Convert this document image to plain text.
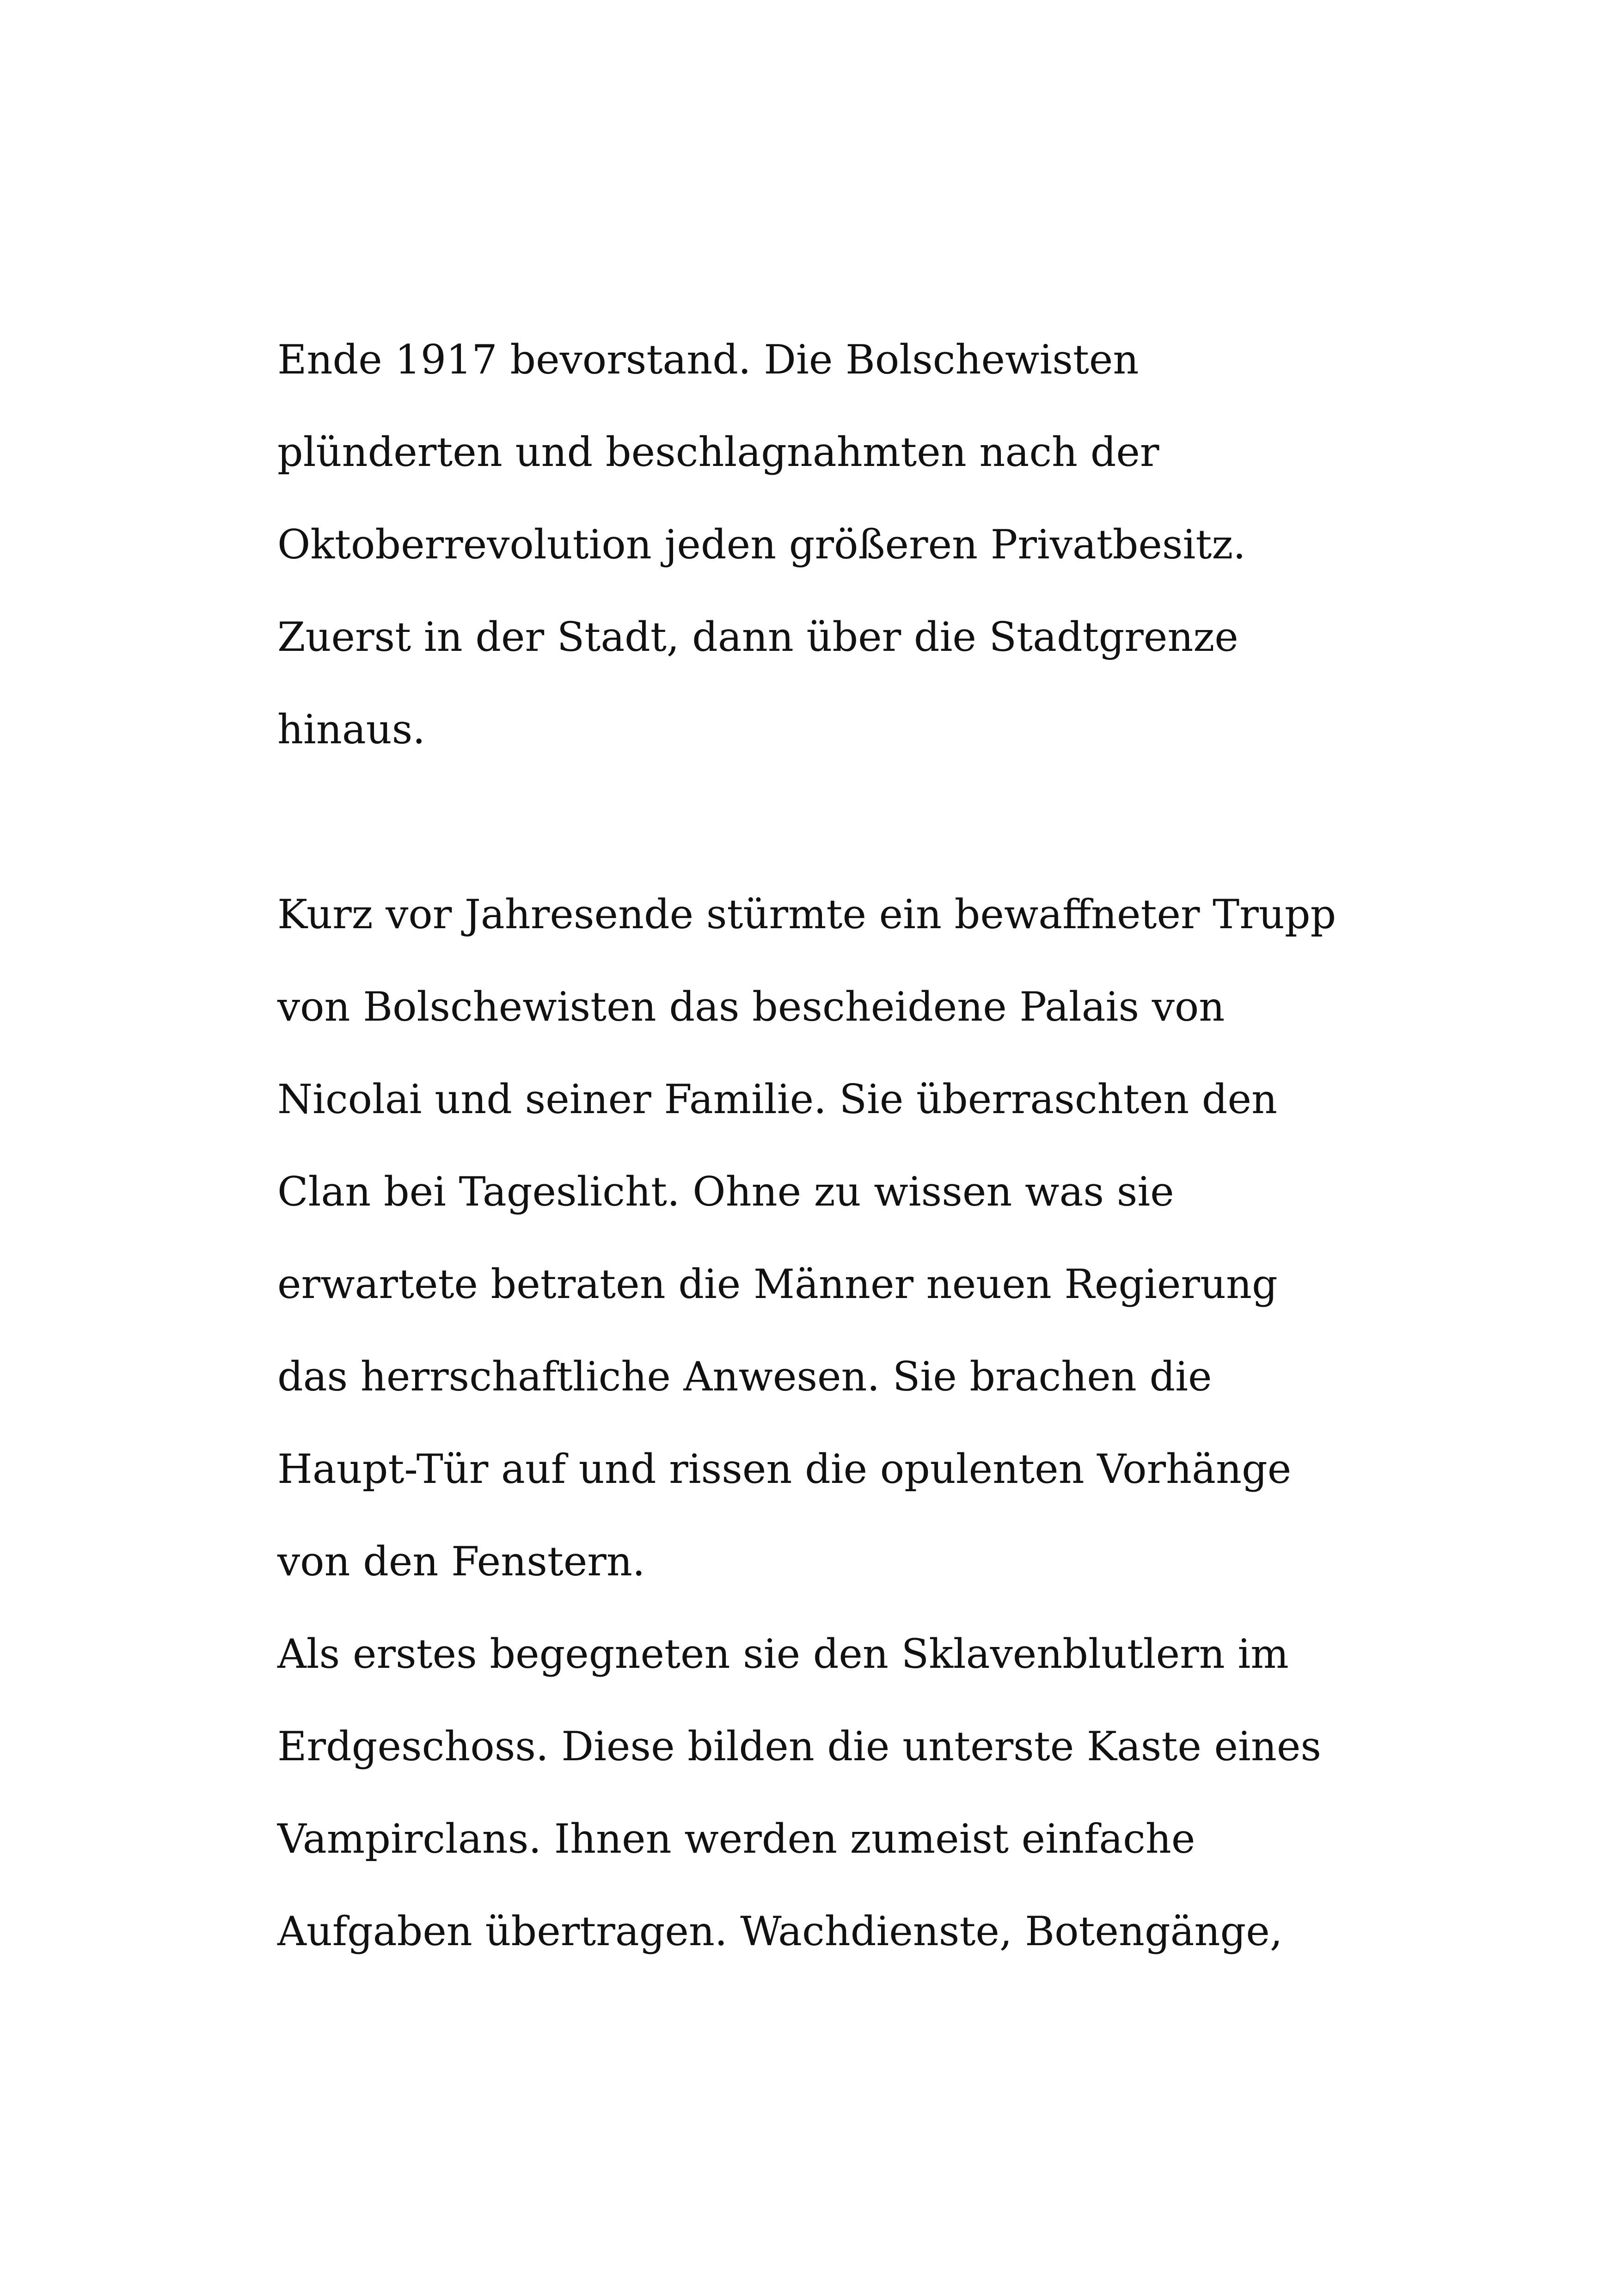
Ende 1917 bevorstand. Die Bolschewisten
plünderten und beschlagnahmten nach der
Oktoberrevolution jeden größeren Privatbesitz.
Zuerst in der Stadt, dann über die Stadtgrenze
hinaus.
Kurz vor Jahresende stürmte ein bewaffneter Trupp
von Bolschewisten das bescheidene Palais von
Nicolai und seiner Familie. Sie überraschten den
Clan bei Tageslicht. Ohne zu wissen was sie
erwartete betraten die Männer neuen Regierung
das herrschaftliche Anwesen. Sie brachen die
Haupt-Tür auf und rissen die opulenten Vorhänge
von den Fenstern.
Als erstes begegneten sie den Sklavenblutlern im
Erdgeschoss. Diese bilden die unterste Kaste eines
Vampirclans. Ihnen werden zumeist einfache
Aufgaben übertragen. Wachdienste, Botengänge,
